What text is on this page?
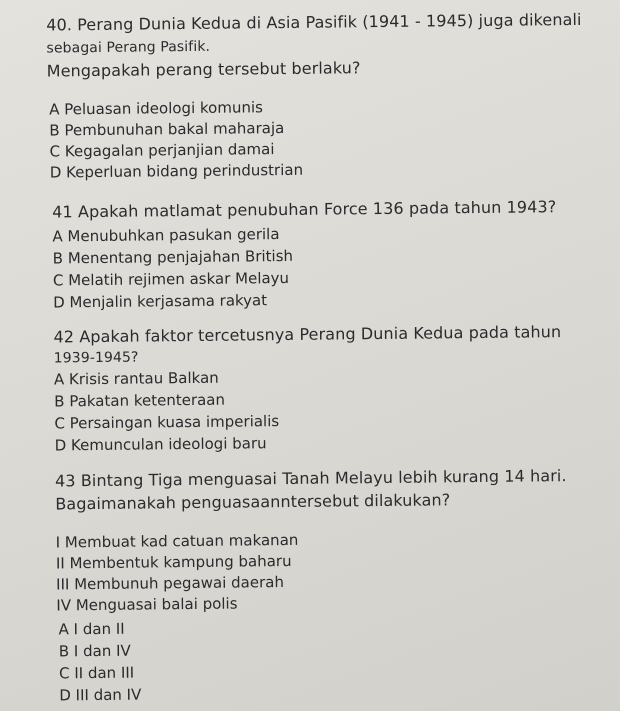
40. Perang Dunia Kedua di Asia Pasifik (1941 - 1945) juga dikenali
sebagai Perang Pasifik.
Mengapakah perang tersebut berlaku?
A Peluasan ideologi komunis
B Pembunuhan bakal maharaja
C Kegagalan perjanjian damai
D Keperluan bidang perindustrian
41 Apakah matlamat penubuhan Force 136 pada tahun 1943?
A Menubuhkan pasukan gerila
B Menentang penjajahan British
C Melatih rejimen askar Melayu
D Menjalin kerjasama rakyat
42 Apakah faktor tercetusnya Perang Dunia Kedua pada tahun
1939-1945?
A Krisis rantau Balkan
B Pakatan ketenteraan
C Persaingan kuasa imperialis
D Kemunculan ideologi baru
43 Bintang Tiga menguasai Tanah Melayu lebih kurang 14 hari.
Bagaimanakah penguasaanntersebut dilakukan?
I Membuat kad catuan makanan
II Membentuk kampung baharu
III Membunuh pegawai daerah
IV Menguasai balai polis
A I dan II
B I dan IV
C II dan III
D III dan IV
